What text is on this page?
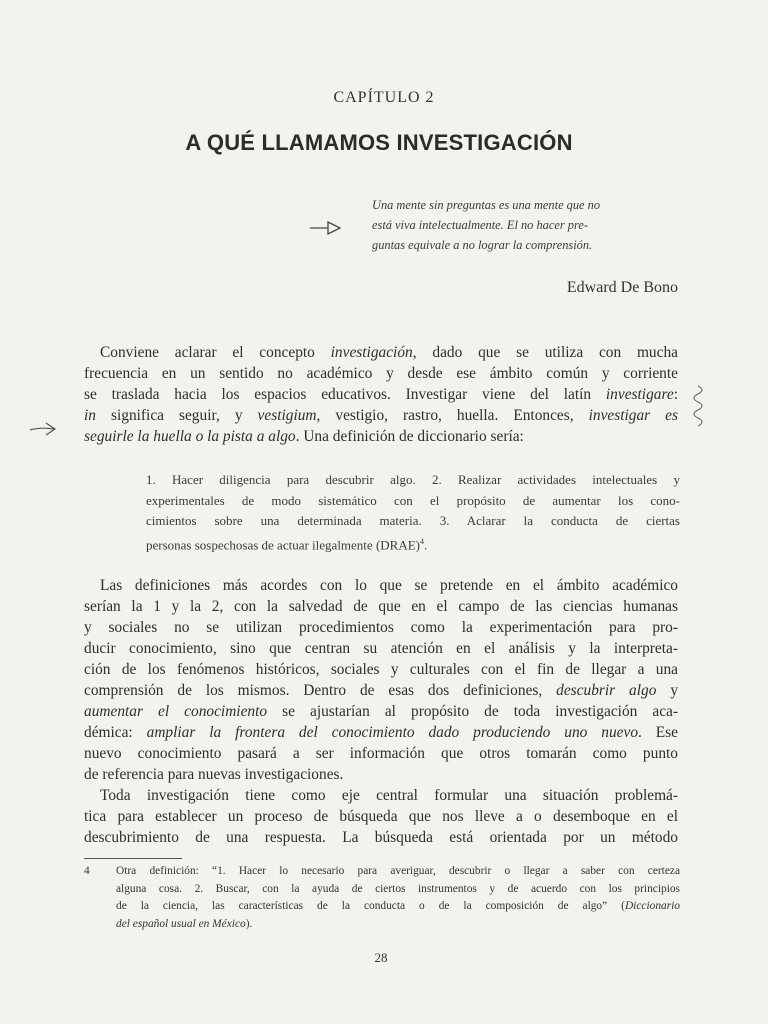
CAPÍTULO 2
A QUÉ LLAMAMOS INVESTIGACIÓN
Una mente sin preguntas es una mente que no
está viva intelectualmente. El no hacer pre-
guntas equivale a no lograr la comprensión.
Edward De Bono
Conviene aclarar el concepto investigación, dado que se utiliza con mucha
frecuencia en un sentido no académico y desde ese ámbito común y corriente
se traslada hacia los espacios educativos. Investigar viene del latín investigare:
in significa seguir, y vestigium, vestigio, rastro, huella. Entonces, investigar es
seguirle la huella o la pista a algo. Una definición de diccionario sería:
1. Hacer diligencia para descubrir algo. 2. Realizar actividades intelectuales y
experimentales de modo sistemático con el propósito de aumentar los cono-
cimientos sobre una determinada materia. 3. Aclarar la conducta de ciertas
personas sospechosas de actuar ilegalmente (DRAE)$^4$.
Las definiciones más acordes con lo que se pretende en el ámbito académico
serían la 1 y la 2, con la salvedad de que en el campo de las ciencias humanas
y sociales no se utilizan procedimientos como la experimentación para pro-
ducir conocimiento, sino que centran su atención en el análisis y la interpreta-
ción de los fenómenos históricos, sociales y culturales con el fin de llegar a una
comprensión de los mismos. Dentro de esas dos definiciones, descubrir algo y
aumentar el conocimiento se ajustarían al propósito de toda investigación aca-
démica: ampliar la frontera del conocimiento dado produciendo uno nuevo. Ese
nuevo conocimiento pasará a ser información que otros tomarán como punto
de referencia para nuevas investigaciones.
Toda investigación tiene como eje central formular una situación problemá-
tica para establecer un proceso de búsqueda que nos lleve a o desemboque en el
descubrimiento de una respuesta. La búsqueda está orientada por un método
4 Otra definición: “1. Hacer lo necesario para averiguar, descubrir o llegar a saber con certeza
alguna cosa. 2. Buscar, con la ayuda de ciertos instrumentos y de acuerdo con los principios
de la ciencia, las características de la conducta o de la composición de algo” (Diccionario
del español usual en México).
28
